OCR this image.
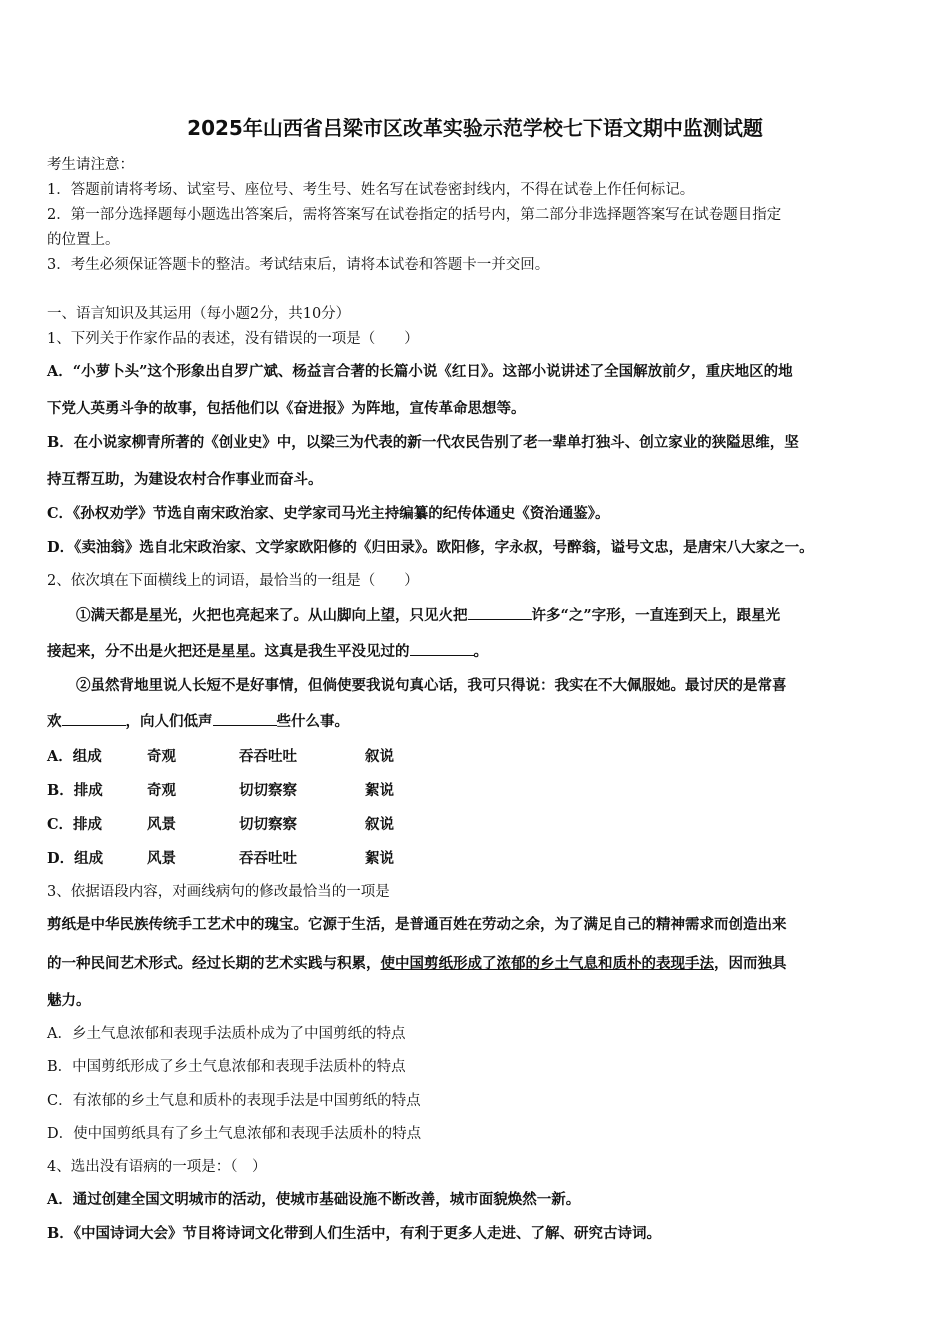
2025年山西省吕梁市区改革实验示范学校七下语文期中监测试题
考生请注意：
1．答题前请将考场、试室号、座位号、考生号、姓名写在试卷密封线内，不得在试卷上作任何标记。
2．第一部分选择题每小题选出答案后，需将答案写在试卷指定的括号内，第二部分非选择题答案写在试卷题目指定
的位置上。
3．考生必须保证答题卡的整洁。考试结束后，请将本试卷和答题卡一并交回。
一、语言知识及其运用（每小题2分，共10分）
1、下列关于作家作品的表述，没有错误的一项是（　　）
A．“小萝卜头”这个形象出自罗广斌、杨益言合著的长篇小说《红日》。这部小说讲述了全国解放前夕，重庆地区的地
下党人英勇斗争的故事，包括他们以《奋进报》为阵地，宣传革命思想等。
B．在小说家柳青所著的《创业史》中，以梁三为代表的新一代农民告别了老一辈单打独斗、创立家业的狭隘思维，坚
持互帮互助，为建设农村合作事业而奋斗。
C．《孙权劝学》节选自南宋政治家、史学家司马光主持编纂的纪传体通史《资治通鉴》。
D．《卖油翁》选自北宋政治家、文学家欧阳修的《归田录》。欧阳修，字永叔，号醉翁，谥号文忠，是唐宋八大家之一。
2、依次填在下面横线上的词语，最恰当的一组是（　　）
①满天都是星光，火把也亮起来了。从山脚向上望，只见火把	许多“之”字形，一直连到天上，跟星光
接起来，分不出是火把还是星星。这真是我生平没见过的	。
②虽然背地里说人长短不是好事情，但倘使要我说句真心话，我可只得说：我实在不大佩服她。最讨厌的是常喜
欢	，向人们低声	些什么事。
A．组成	奇观	吞吞吐吐	叙说
B．排成	奇观	切切察察	絮说
C．排成	风景	切切察察	叙说
D．组成	风景	吞吞吐吐	絮说
3、依据语段内容，对画线病句的修改最恰当的一项是
剪纸是中华民族传统手工艺术中的瑰宝。它源于生活，是普通百姓在劳动之余，为了满足自己的精神需求而创造出来
的一种民间艺术形式。经过长期的艺术实践与积累，使中国剪纸形成了浓郁的乡土气息和质朴的表现手法，因而独具
魅力。
A．乡土气息浓郁和表现手法质朴成为了中国剪纸的特点
B．中国剪纸形成了乡土气息浓郁和表现手法质朴的特点
C．有浓郁的乡土气息和质朴的表现手法是中国剪纸的特点
D．使中国剪纸具有了乡土气息浓郁和表现手法质朴的特点
4、选出没有语病的一项是：（　）
A．通过创建全国文明城市的活动，使城市基础设施不断改善，城市面貌焕然一新。
B．《中国诗词大会》节目将诗词文化带到人们生活中，有利于更多人走进、了解、研究古诗词。
